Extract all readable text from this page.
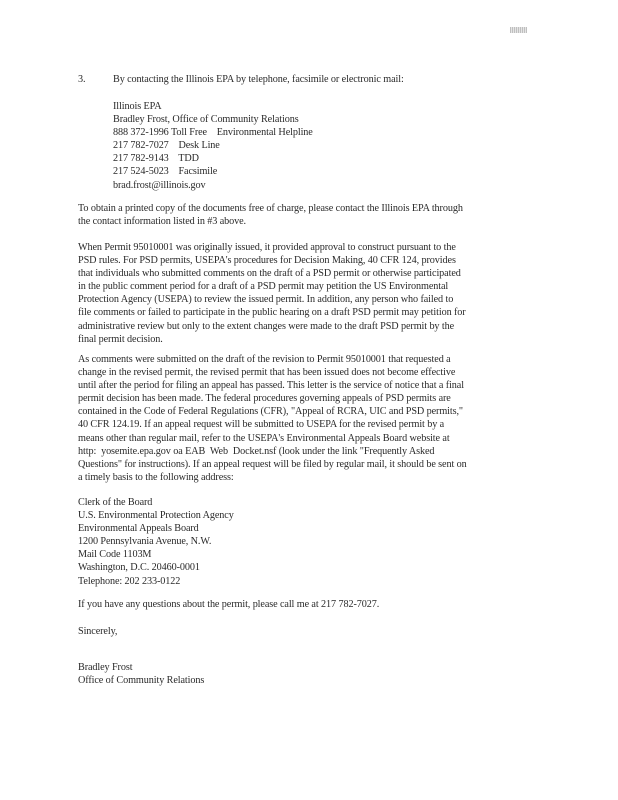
3.	By contacting the Illinois EPA by telephone, facsimile or electronic mail:
Illinois EPA
Bradley Frost, Office of Community Relations
888 372-1996 Toll Free    Environmental Helpline
217 782-7027    Desk Line
217 782-9143    TDD
217 524-5023    Facsimile
brad.frost@illinois.gov
To obtain a printed copy of the documents free of charge, please contact the Illinois EPA through
the contact information listed in #3 above.
When Permit 95010001 was originally issued, it provided approval to construct pursuant to the
PSD rules. For PSD permits, USEPA's procedures for Decision Making, 40 CFR 124, provides
that individuals who submitted comments on the draft of a PSD permit or otherwise participated
in the public comment period for a draft of a PSD permit may petition the US Environmental
Protection Agency (USEPA) to review the issued permit. In addition, any person who failed to
file comments or failed to participate in the public hearing on a draft PSD permit may petition for
administrative review but only to the extent changes were made to the draft PSD permit by the
final permit decision.
As comments were submitted on the draft of the revision to Permit 95010001 that requested a
change in the revised permit, the revised permit that has been issued does not become effective
until after the period for filing an appeal has passed. This letter is the service of notice that a final
permit decision has been made. The federal procedures governing appeals of PSD permits are
contained in the Code of Federal Regulations (CFR), "Appeal of RCRA, UIC and PSD permits,"
40 CFR 124.19. If an appeal request will be submitted to USEPA for the revised permit by a
means other than regular mail, refer to the USEPA's Environmental Appeals Board website at
http:  yosemite.epa.gov oa EAB  Web  Docket.nsf (look under the link "Frequently Asked
Questions" for instructions). If an appeal request will be filed by regular mail, it should be sent on
a timely basis to the following address:
Clerk of the Board
U.S. Environmental Protection Agency
Environmental Appeals Board
1200 Pennsylvania Avenue, N.W.
Mail Code 1103M
Washington, D.C. 20460-0001
Telephone: 202 233-0122
If you have any questions about the permit, please call me at 217 782-7027.
Sincerely,
Bradley Frost
Office of Community Relations
